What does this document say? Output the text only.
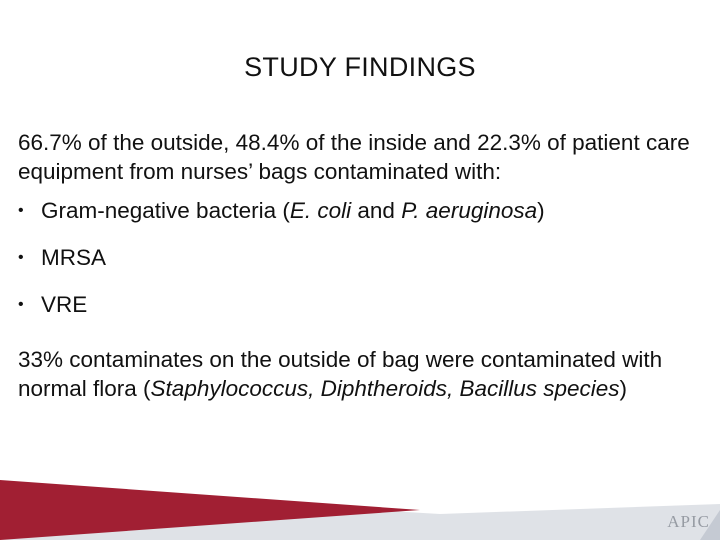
STUDY FINDINGS

66.7% of the outside, 48.4% of the inside and 22.3% of patient care equipment from nurses’ bags contaminated with:

• Gram-negative bacteria (E. coli and P. aeruginosa)
• MRSA
• VRE

33% contaminates on the outside of bag were contaminated with normal flora (Staphylococcus, Diphtheroids, Bacillus species)

APIC
